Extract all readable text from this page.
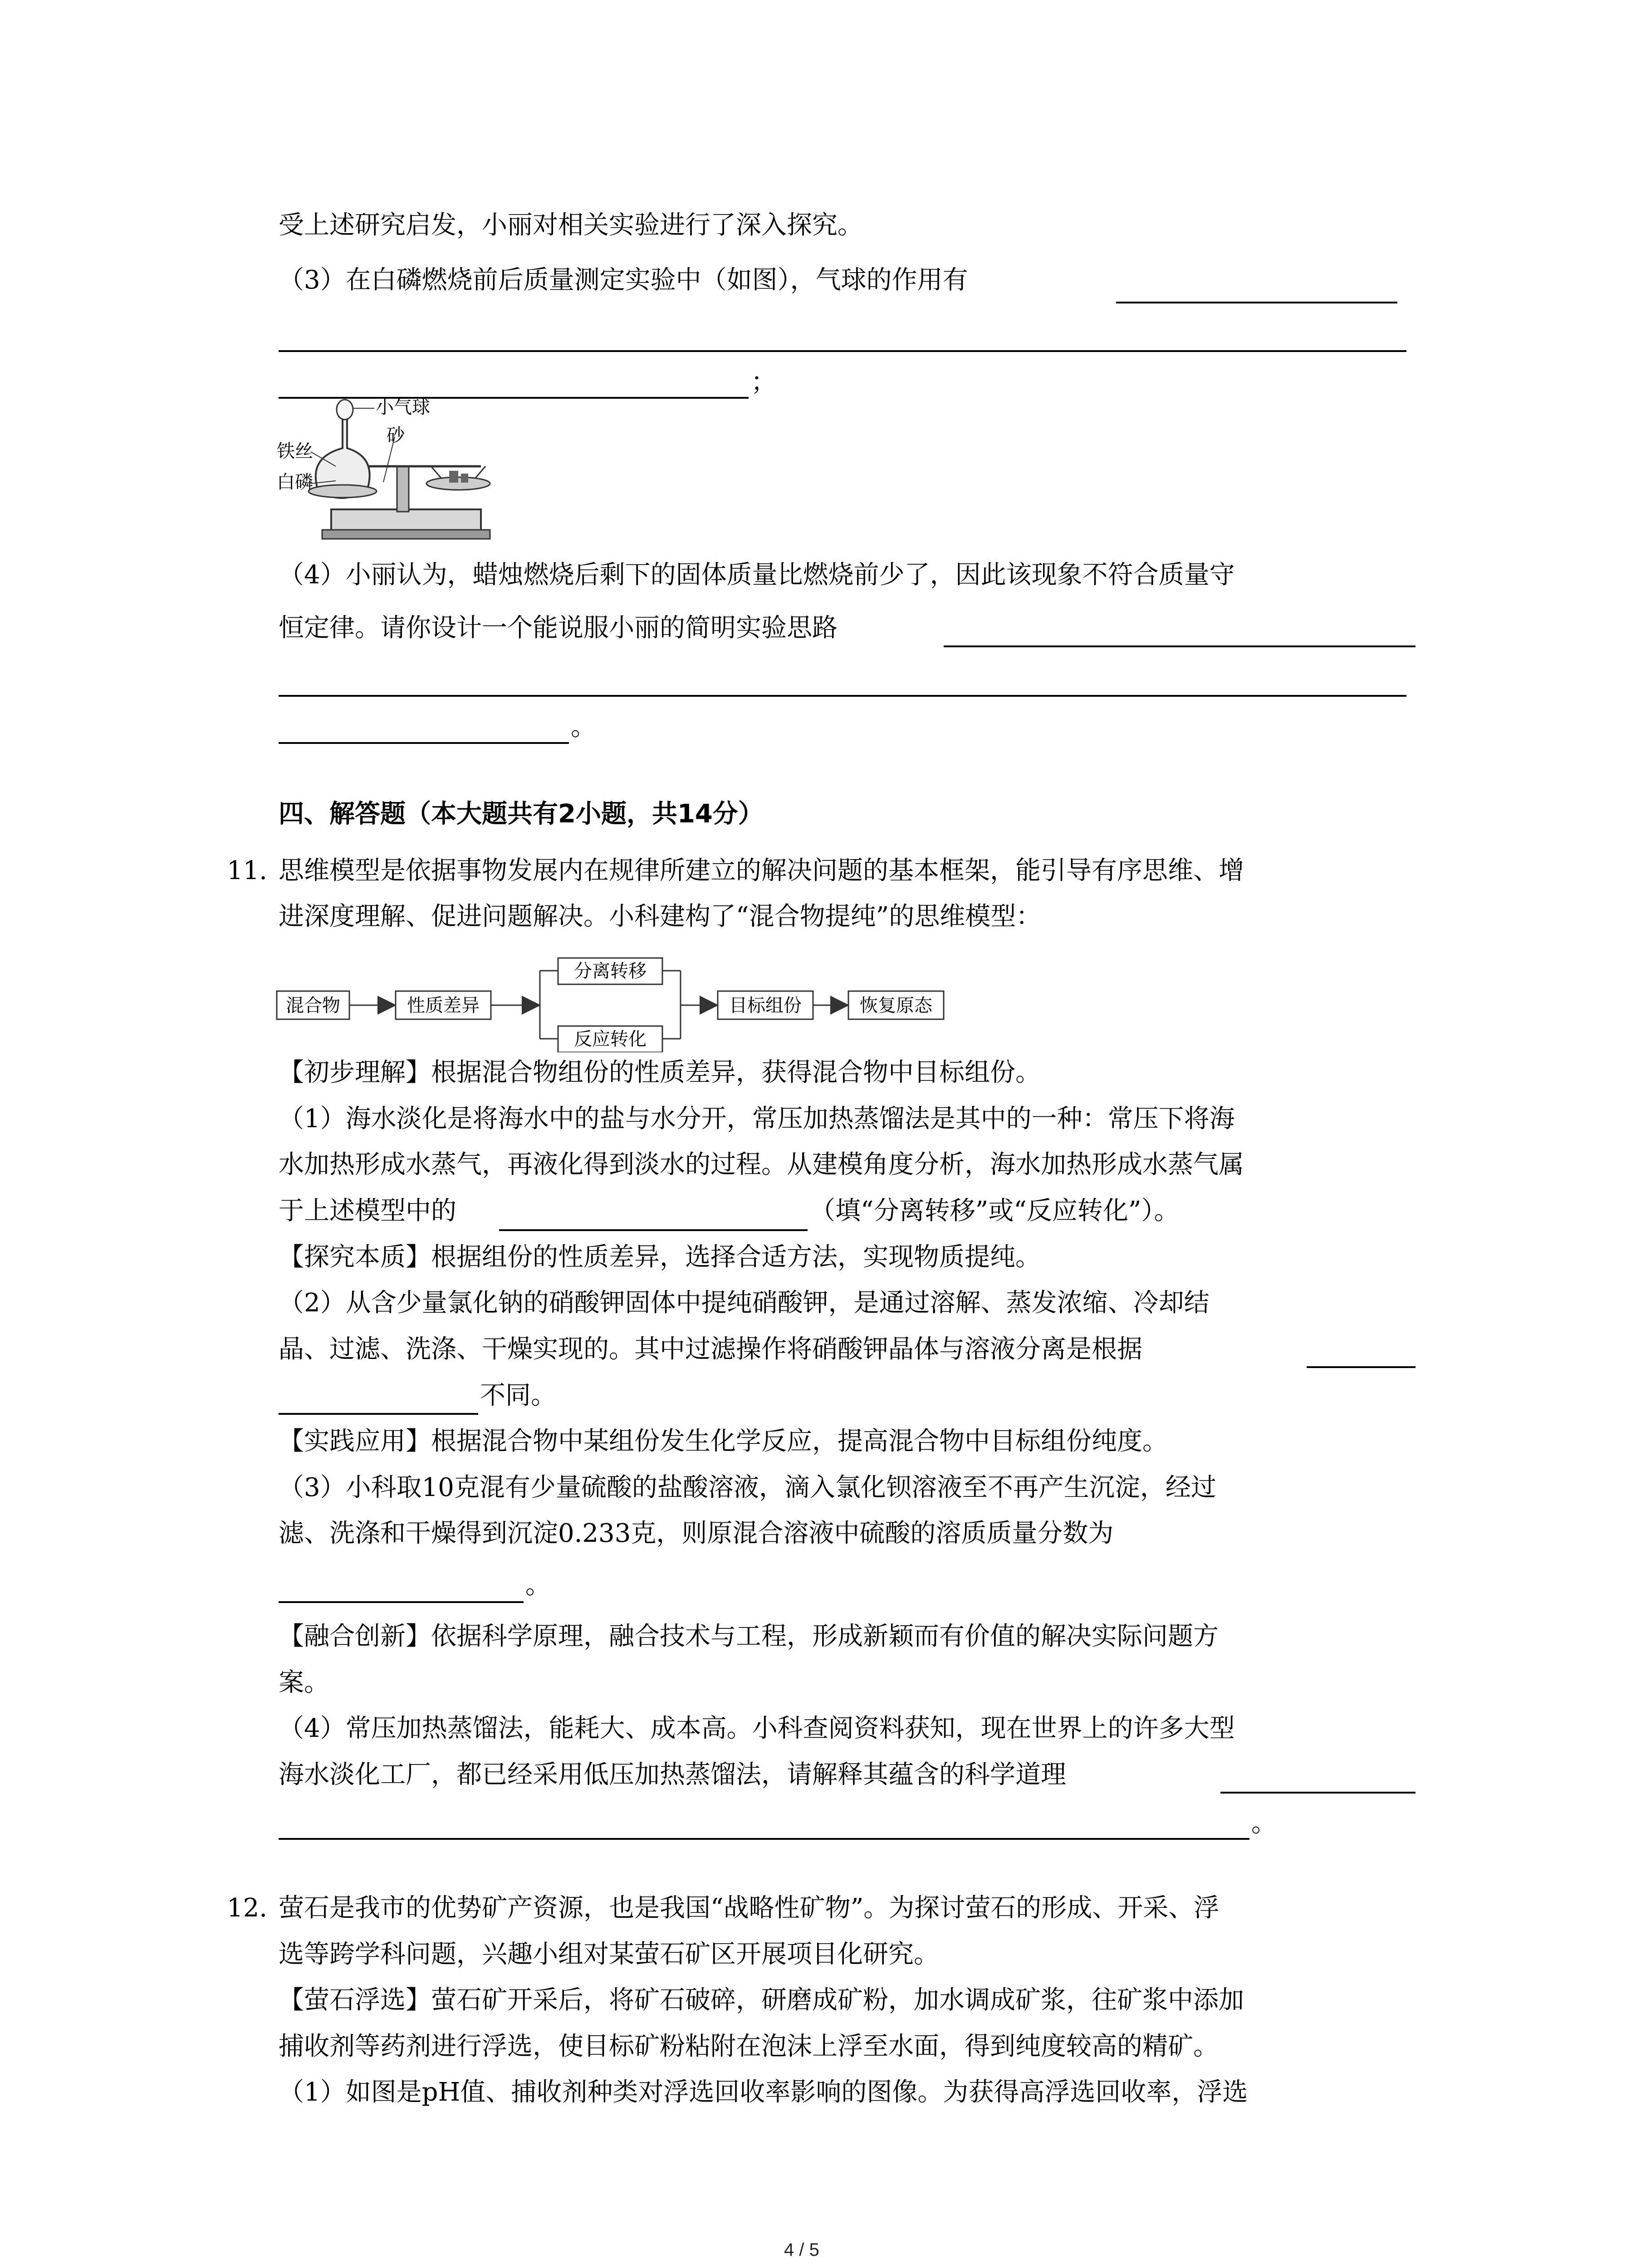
受上述研究启发，小丽对相关实验进行了深入探究。
（3）在白磷燃烧前后质量测定实验中（如图），气球的作用有
；
小气球
砂
铁丝
白磷
（4）小丽认为，蜡烛燃烧后剩下的固体质量比燃烧前少了，因此该现象不符合质量守
恒定律。请你设计一个能说服小丽的简明实验思路
。
四、解答题（本大题共有2小题，共14分）
11. 思维模型是依据事物发展内在规律所建立的解决问题的基本框架，能引导有序思维、增
进深度理解、促进问题解决。小科建构了“混合物提纯”的思维模型：
混合物	性质差异
分离转移
反应转化
目标组份	恢复原态
【初步理解】根据混合物组份的性质差异，获得混合物中目标组份。
（1）海水淡化是将海水中的盐与水分开，常压加热蒸馏法是其中的一种：常压下将海
水加热形成水蒸气，再液化得到淡水的过程。从建模角度分析，海水加热形成水蒸气属
于上述模型中的	（填“分离转移”或“反应转化”）。
【探究本质】根据组份的性质差异，选择合适方法，实现物质提纯。
（2）从含少量氯化钠的硝酸钾固体中提纯硝酸钾，是通过溶解、蒸发浓缩、冷却结
晶、过滤、洗涤、干燥实现的。其中过滤操作将硝酸钾晶体与溶液分离是根据
不同。
【实践应用】根据混合物中某组份发生化学反应，提高混合物中目标组份纯度。
（3）小科取10克混有少量硫酸的盐酸溶液，滴入氯化钡溶液至不再产生沉淀，经过
滤、洗涤和干燥得到沉淀0.233克，则原混合溶液中硫酸的溶质质量分数为
。
【融合创新】依据科学原理，融合技术与工程，形成新颖而有价值的解决实际问题方
案。
（4）常压加热蒸馏法，能耗大、成本高。小科查阅资料获知，现在世界上的许多大型
海水淡化工厂，都已经采用低压加热蒸馏法，请解释其蕴含的科学道理
。
12. 萤石是我市的优势矿产资源，也是我国“战略性矿物”。为探讨萤石的形成、开采、浮
选等跨学科问题，兴趣小组对某萤石矿区开展项目化研究。
【萤石浮选】萤石矿开采后，将矿石破碎，研磨成矿粉，加水调成矿浆，往矿浆中添加
捕收剂等药剂进行浮选，使目标矿粉粘附在泡沫上浮至水面，得到纯度较高的精矿。
（1）如图是pH值、捕收剂种类对浮选回收率影响的图像。为获得高浮选回收率，浮选
4 / 5
